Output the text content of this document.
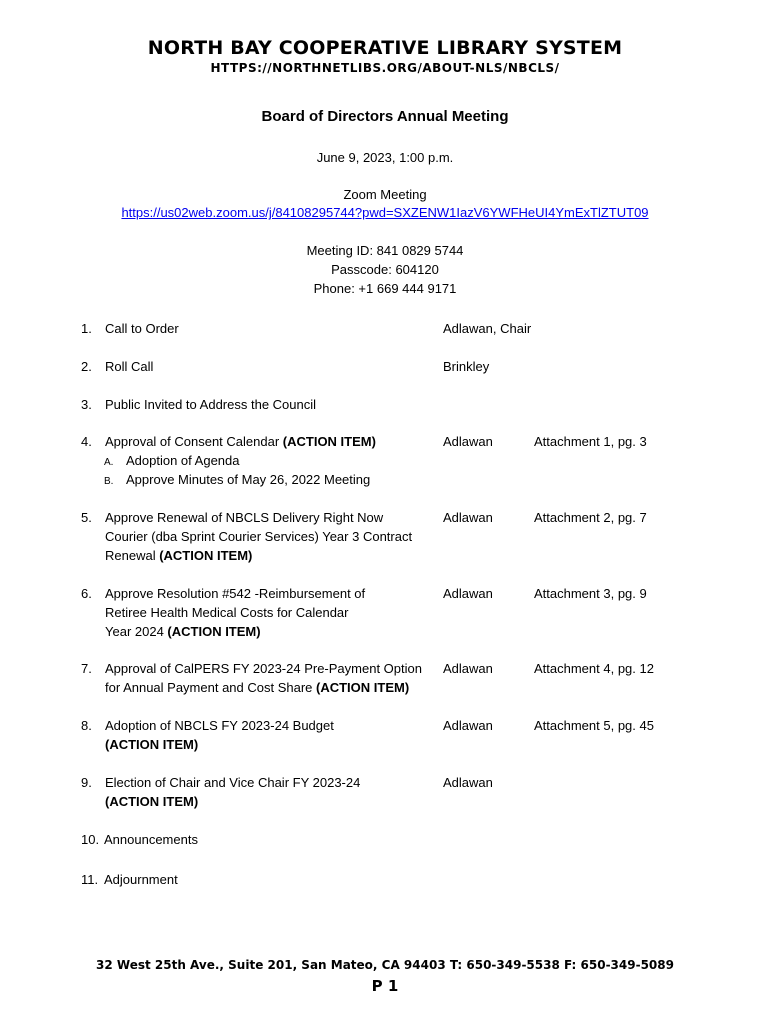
NORTH BAY COOPERATIVE LIBRARY SYSTEM
HTTPS://NORTHNETLIBS.ORG/ABOUT-NLS/NBCLS/
Board of Directors Annual Meeting
June 9, 2023, 1:00 p.m.
Zoom Meeting
https://us02web.zoom.us/j/84108295744?pwd=SXZENW1IazV6YWFHeUI4YmExTlZTUT09
Meeting ID: 841 0829 5744
Passcode: 604120
Phone: +1 669 444 9171
1. Call to Order	Adlawan, Chair
2. Roll Call	Brinkley
3. Public Invited to Address the Council
4. Approval of Consent Calendar (ACTION ITEM)	Adlawan	Attachment 1, pg. 3
A. Adoption of Agenda
B. Approve Minutes of May 26, 2022 Meeting
5. Approve Renewal of NBCLS Delivery Right Now
Courier (dba Sprint Courier Services) Year 3 Contract
Renewal (ACTION ITEM)
Adlawan	Attachment 2, pg. 7
6. Approve Resolution #542 -Reimbursement of
Retiree Health Medical Costs for Calendar
Year 2024 (ACTION ITEM)
Adlawan	Attachment 3, pg. 9
7. Approval of CalPERS FY 2023-24 Pre-Payment Option
for Annual Payment and Cost Share (ACTION ITEM)
Adlawan	Attachment 4, pg. 12
8. Adoption of NBCLS FY 2023-24 Budget
(ACTION ITEM)
Adlawan	Attachment 5, pg. 45
9. Election of Chair and Vice Chair FY 2023-24
(ACTION ITEM)
Adlawan
10. Announcements
11. Adjournment
32 West 25th Ave., Suite 201, San Mateo, CA 94403 T: 650-349-5538 F: 650-349-5089
P 1
